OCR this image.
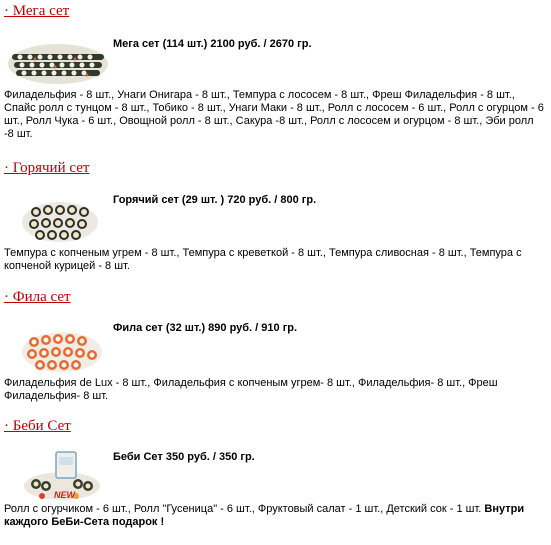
· Мега сет
Мега сет (114 шт.) 2100 руб. / 2670 гр.
Филадельфия - 8 шт., Унаги Онигара - 8 шт., Темпура с лососем - 8 шт., Фреш Филадельфия - 8 шт., Спайс ролл с тунцом - 8 шт., Тобико - 8 шт., Унаги Маки - 8 шт., Ролл с лососем - 6 шт., Ролл с огурцом - 6 шт., Ролл Чука - 6 шт., Овощной ролл - 8 шт., Сакура -8 шт., Ролл с лососем и огурцом - 8 шт., Эби ролл -8 шт.
· Горячий сет
Горячий сет (29 шт. ) 720 руб. / 800 гр.
Темпура с копченым угрем - 8 шт., Темпура с креветкой - 8 шт., Темпура сливосная - 8 шт., Темпура с копченой курицей - 8 шт.
· Фила сет
Фила сет (32 шт.) 890 руб. / 910 гр.
Филадельфия de Lux - 8 шт., Филадельфия с копченым угрем- 8 шт., Филадельфия- 8 шт., Фреш Филадельфия- 8 шт.
· Беби Сет
NEW
Беби Сет 350 руб. / 350 гр.
Ролл с огурчиком - 6 шт., Ролл "Гусеница" - 6 шт., Фруктовый салат - 1 шт., Детский сок - 1 шт. Внутри каждого БеБи-Сета подарок !
